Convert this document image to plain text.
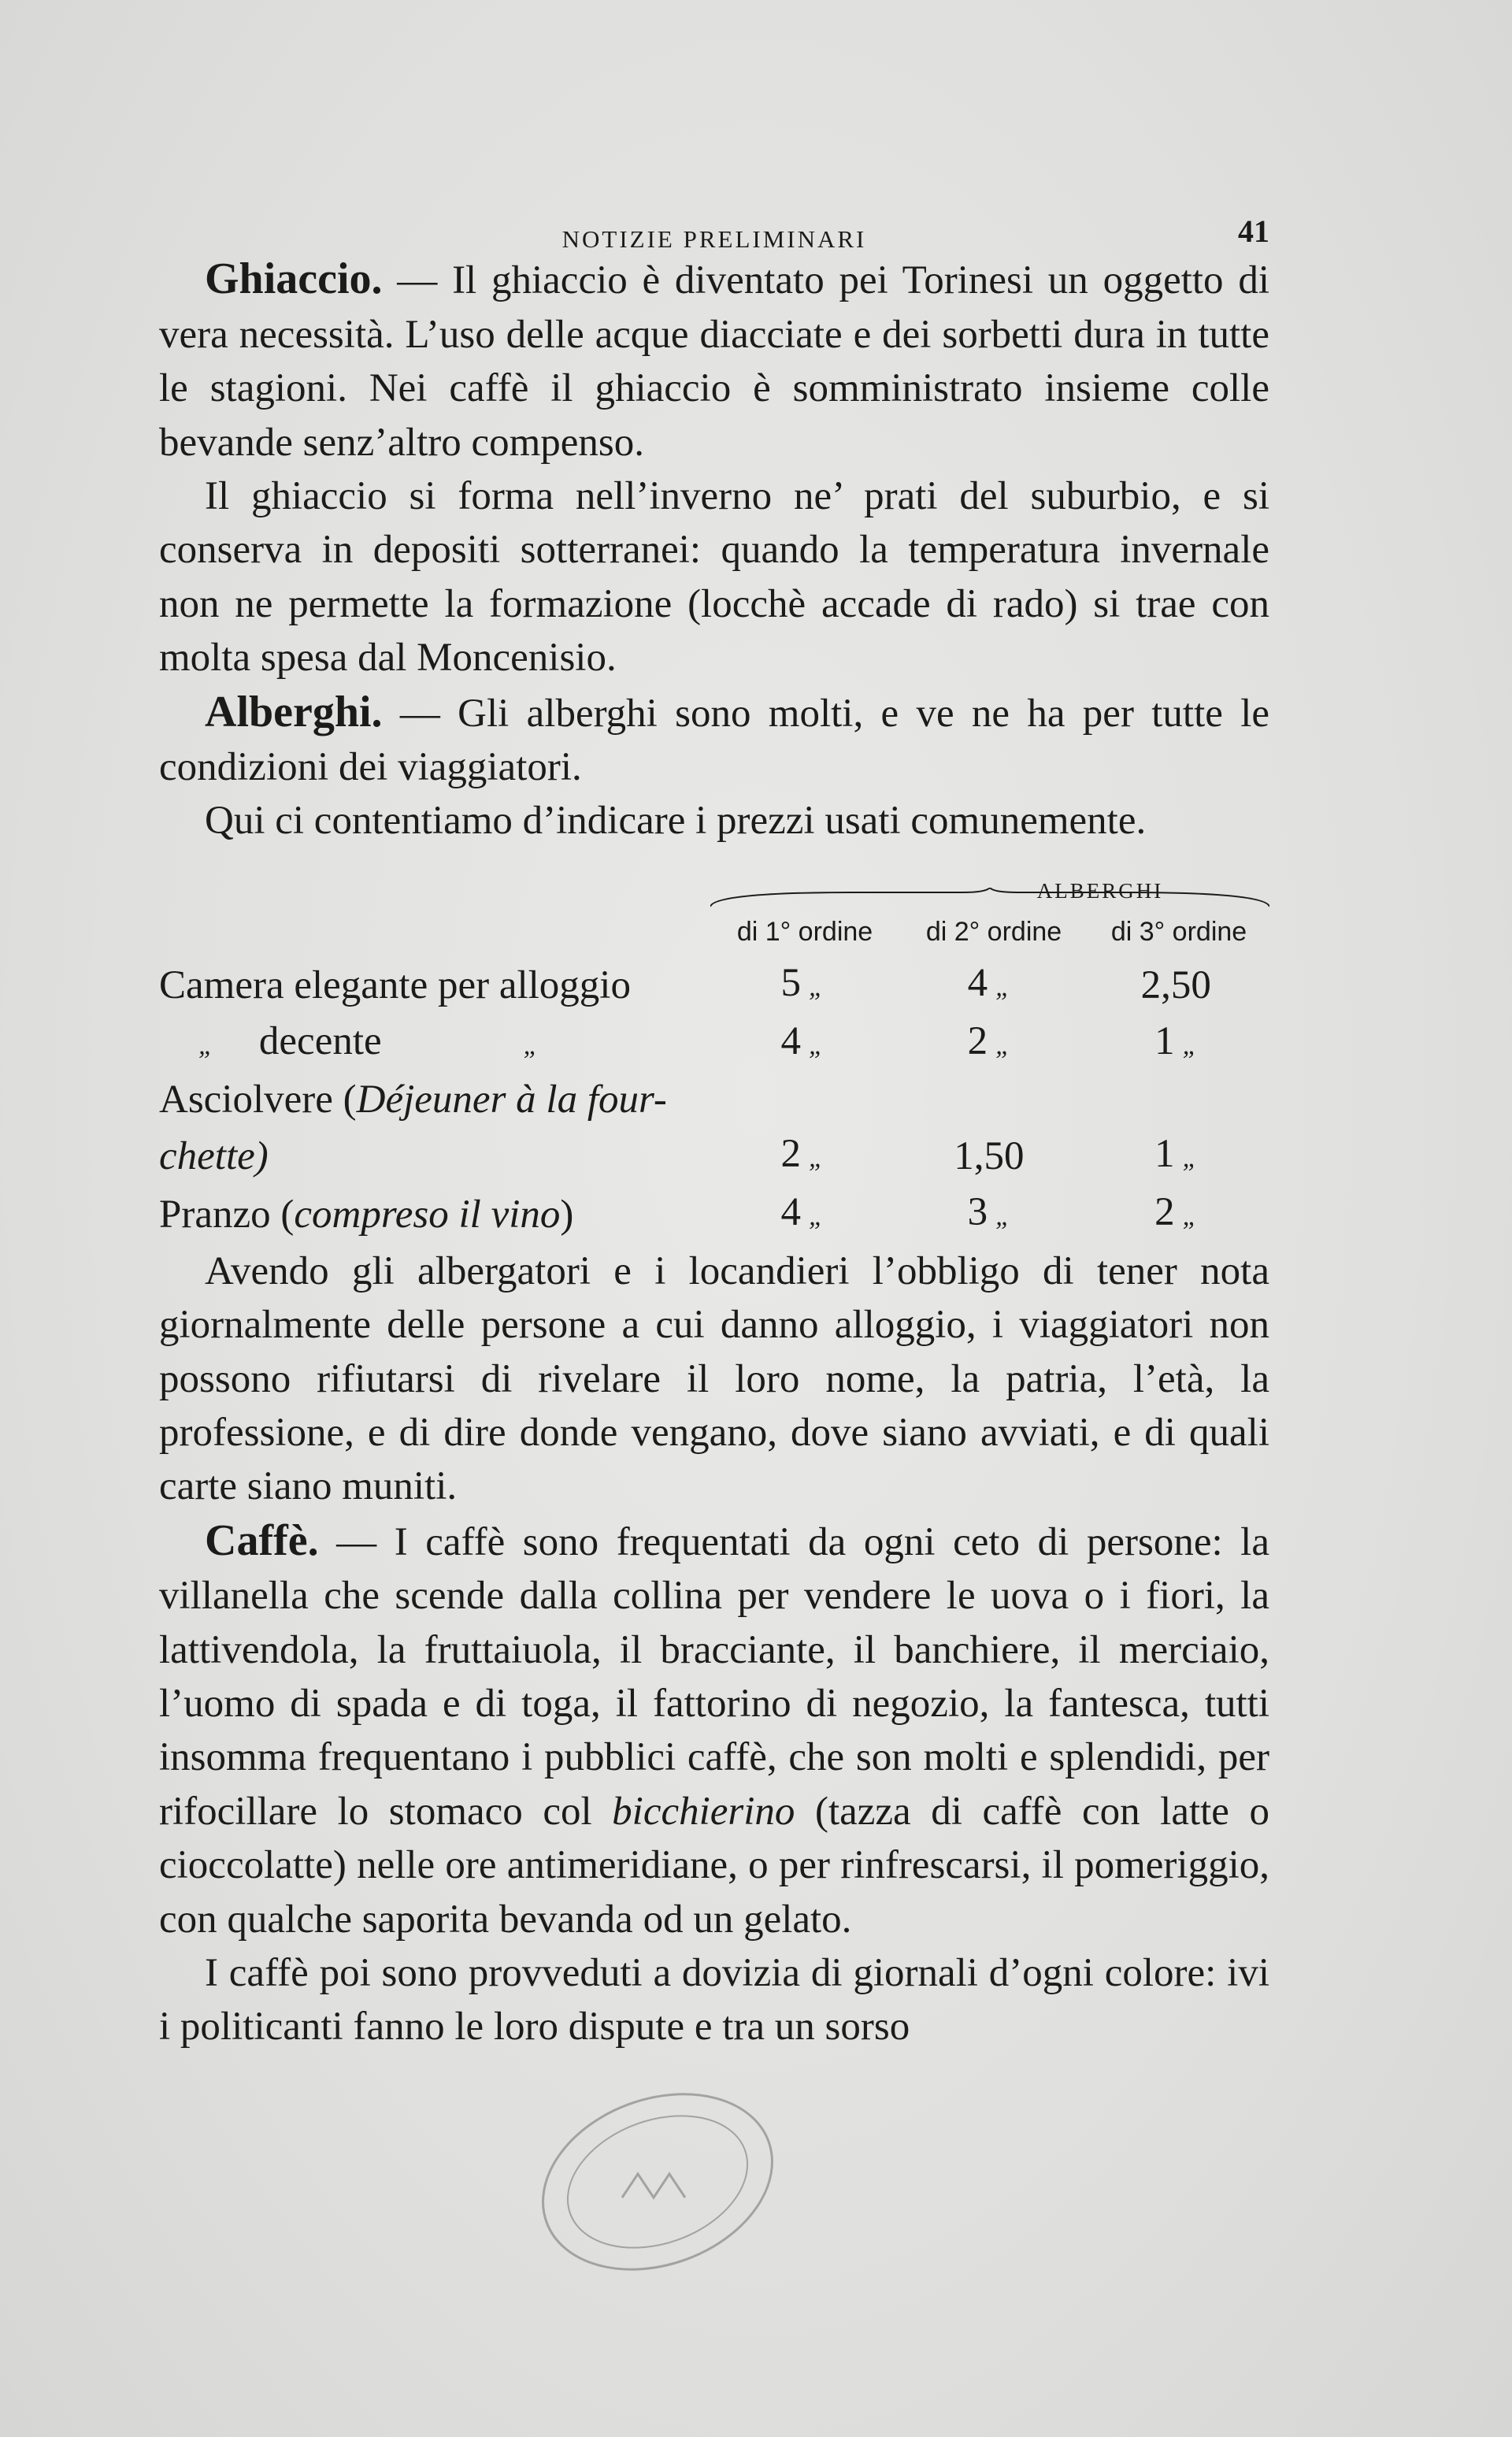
NOTIZIE PRELIMINARI	41

Ghiaccio. — Il ghiaccio è diventato pei Torinesi un oggetto di vera necessità. L’uso delle acque diacciate e dei sorbetti dura in tutte le stagioni. Nei caffè il ghiaccio è somministrato insieme colle bevande senz’altro compenso.

Il ghiaccio si forma nell’inverno ne’ prati del suburbio, e si conserva in depositi sotterranei: quando la temperatura invernale non ne permette la formazione (locchè accade di rado) si trae con molta spesa dal Moncenisio.

Alberghi. — Gli alberghi sono molti, e ve ne ha per tutte le condizioni dei viaggiatori.

Qui ci contentiamo d’indicare i prezzi usati comunemente.

ALBERGHI
di 1° ordine	di 2° ordine	di 3° ordine
Camera elegante per alloggio	5 „	4 „	2,50
„ decente „	4 „	2 „	1 „
Asciolvere (Déjeuner à la four-			
chette)	2 „	1,50	1 „
Pranzo (compreso il vino)	4 „	3 „	2 „

Avendo gli albergatori e i locandieri l’obbligo di tener nota giornalmente delle persone a cui danno alloggio, i viaggiatori non possono rifiutarsi di rivelare il loro nome, la patria, l’età, la professione, e di dire donde vengano, dove siano avviati, e di quali carte siano muniti.

Caffè. — I caffè sono frequentati da ogni ceto di persone: la villanella che scende dalla collina per vendere le uova o i fiori, la lattivendola, la fruttaiuola, il bracciante, il banchiere, il merciaio, l’uomo di spada e di toga, il fattorino di negozio, la fantesca, tutti insomma frequentano i pubblici caffè, che son molti e splendidi, per rifocillare lo stomaco col bicchierino (tazza di caffè con latte o cioccolatte) nelle ore antimeridiane, o per rinfrescarsi, il pomeriggio, con qualche saporita bevanda od un gelato.

I caffè poi sono provveduti a dovizia di giornali d’ogni colore: ivi i politicanti fanno le loro dispute e tra un sorso
